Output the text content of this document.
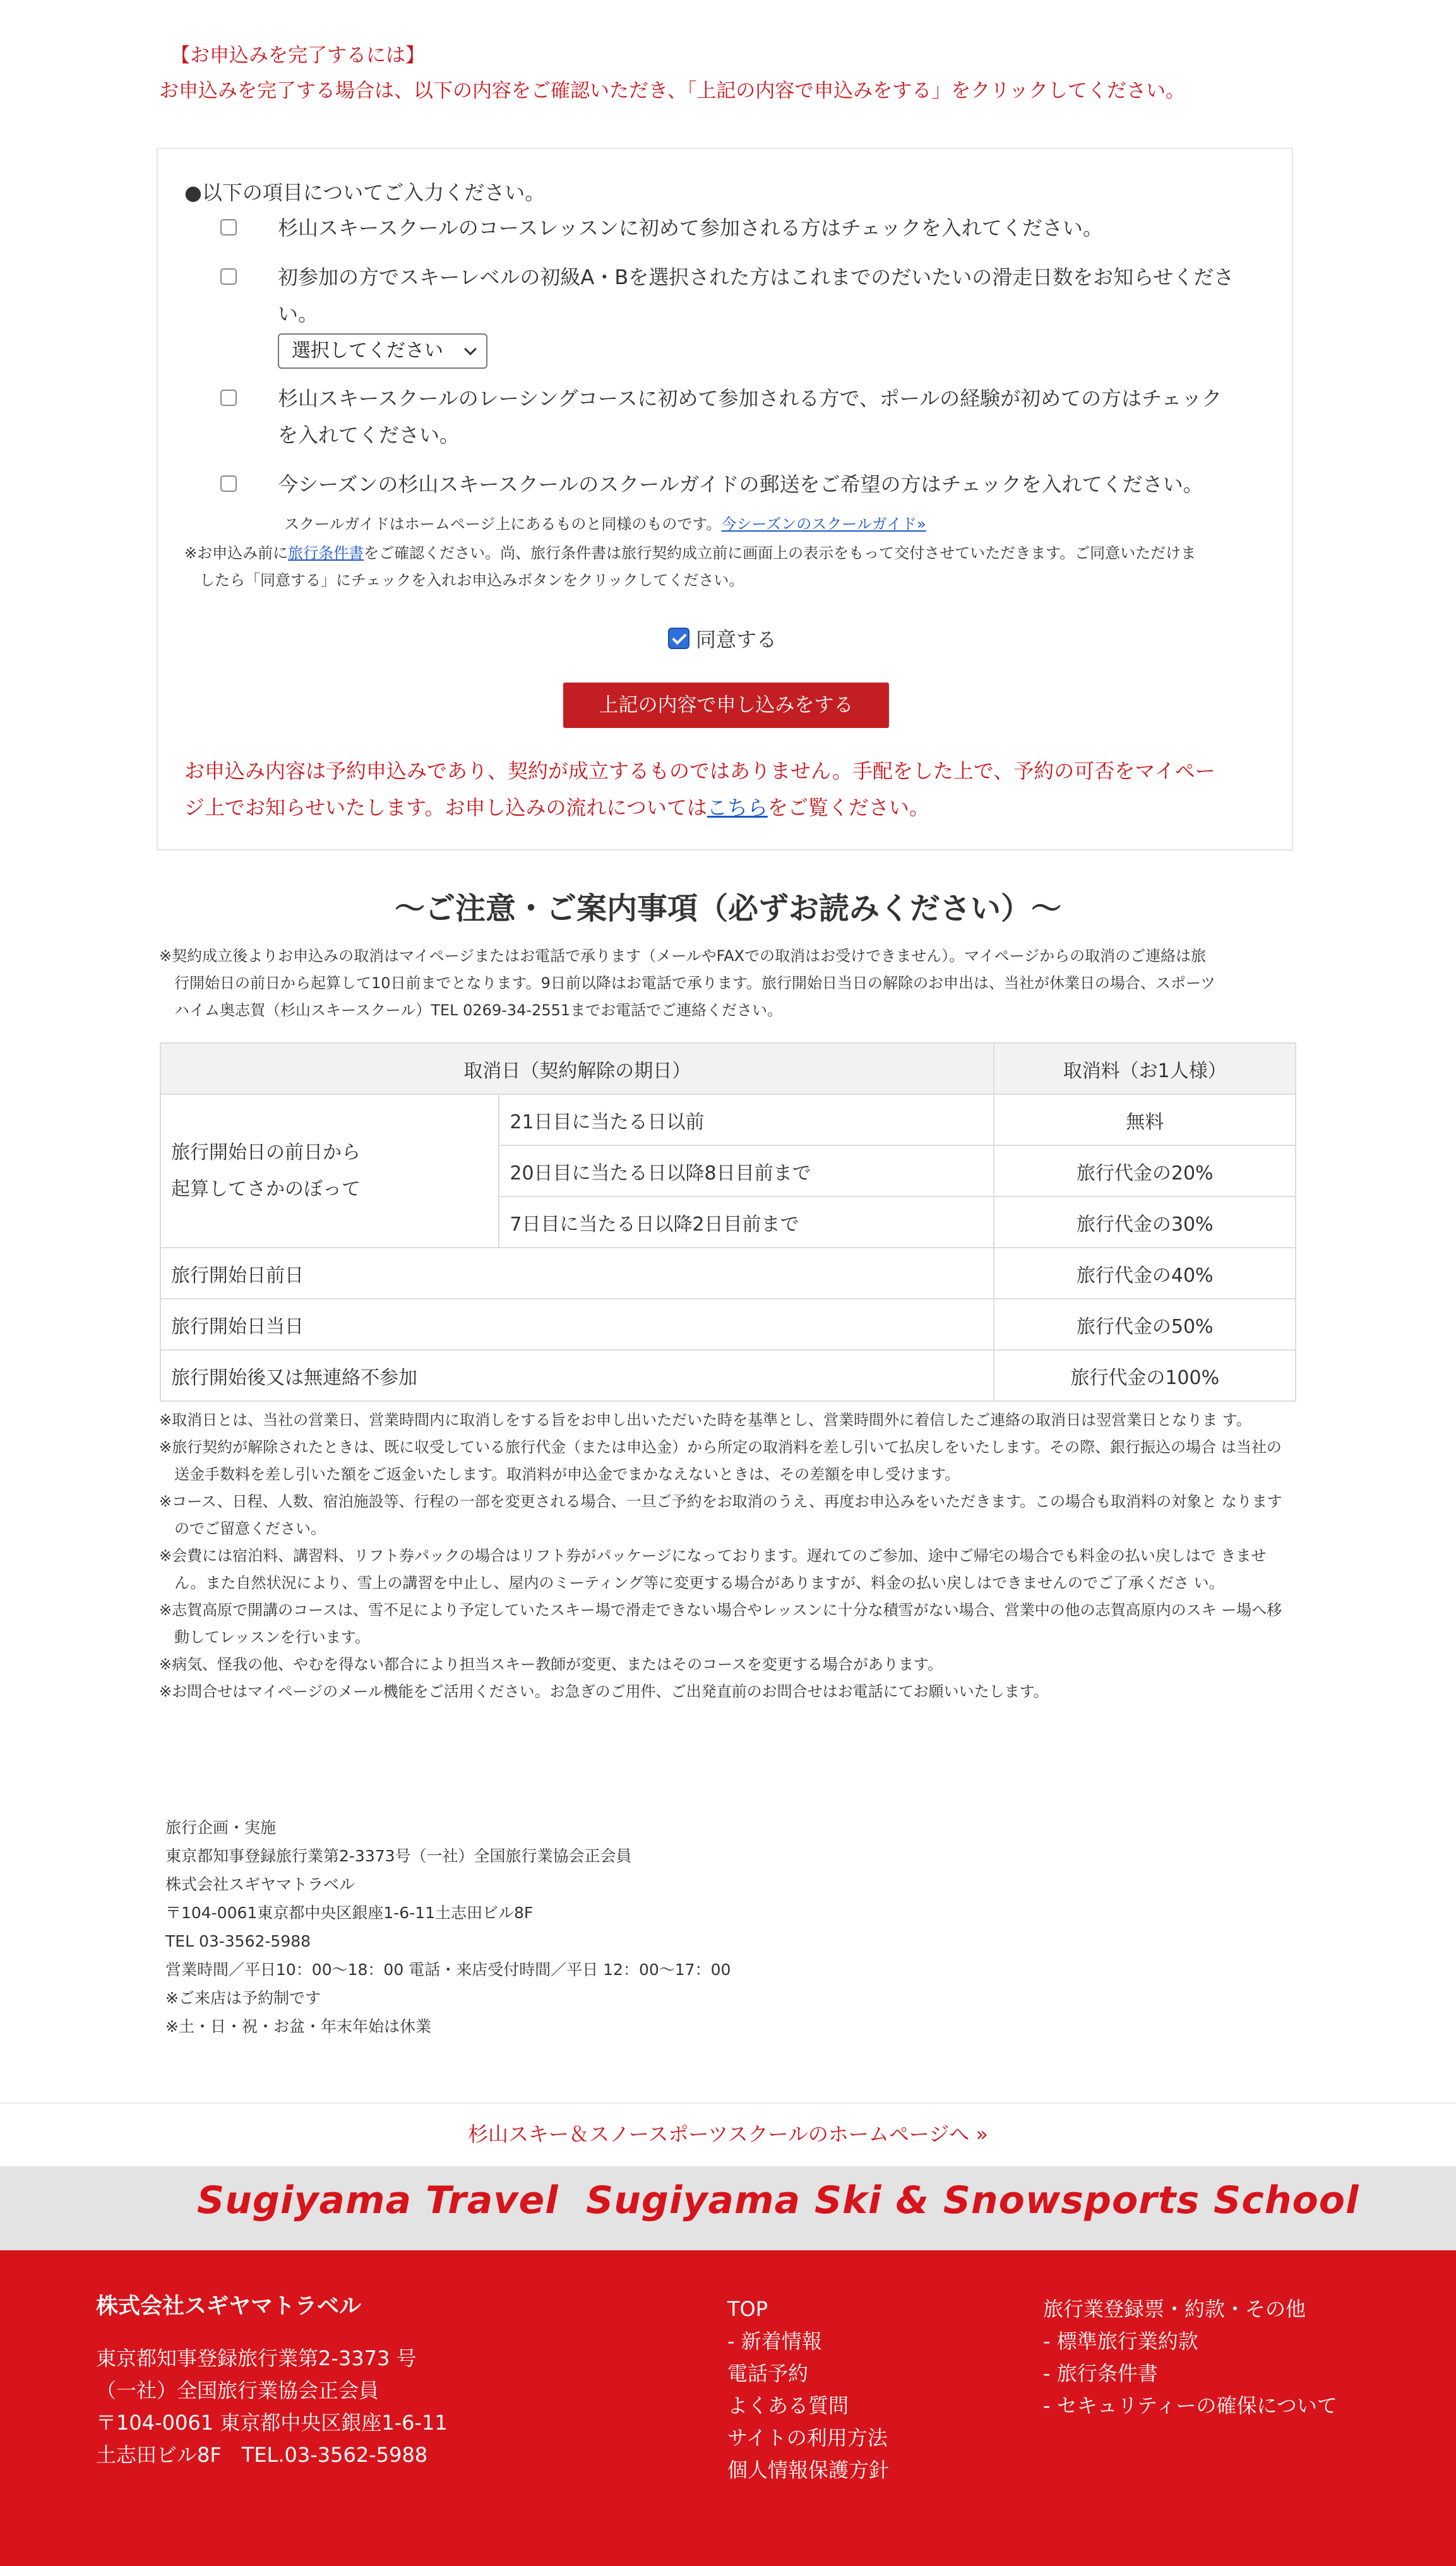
【お申込みを完了するには】
お申込みを完了する場合は、以下の内容をご確認いただき、「上記の内容で申込みをする」をクリックしてください。
●以下の項目についてご入力ください。
杉山スキースクールのコースレッスンに初めて参加される方はチェックを入れてください。
初参加の方でスキーレベルの初級A・Bを選択された方はこれまでのだいたいの滑走日数をお知らせくださ
い。
選択してください
杉山スキースクールのレーシングコースに初めて参加される方で、ポールの経験が初めての方はチェック
を入れてください。
今シーズンの杉山スキースクールのスクールガイドの郵送をご希望の方はチェックを入れてください。
スクールガイドはホームページ上にあるものと同様のものです。今シーズンのスクールガイド»
※お申込み前に旅行条件書をご確認ください。尚、旅行条件書は旅行契約成立前に画面上の表示をもって交付させていただきます。ご同意いただけま
したら「同意する」にチェックを入れお申込みボタンをクリックしてください。
同意する
上記の内容で申し込みをする
お申込み内容は予約申込みであり、契約が成立するものではありません。手配をした上で、予約の可否をマイペー
ジ上でお知らせいたします。お申し込みの流れについてはこちらをご覧ください。
〜ご注意・ご案内事項（必ずお読みください）〜
※契約成立後よりお申込みの取消はマイページまたはお電話で承ります（メールやFAXでの取消はお受けできません）。マイページからの取消のご連絡は旅
行開始日の前日から起算して10日前までとなります。9日前以降はお電話で承ります。旅行開始日当日の解除のお申出は、当社が休業日の場合、スポーツ
ハイム奥志賀（杉山スキースクール）TEL 0269-34-2551までお電話でご連絡ください。
取消日（契約解除の期日）		取消料（お1人様）

旅行開始日の前日から
起算してさかのぼって	21日目に当たる日以前	無料
	20日目に当たる日以降8日目前まで	旅行代金の20%
	7日目に当たる日以降2日目前まで	旅行代金の30%
旅行開始日前日		旅行代金の40%
旅行開始日当日		旅行代金の50%
旅行開始後又は無連絡不参加		旅行代金の100%
※取消日とは、当社の営業日、営業時間内に取消しをする旨をお申し出いただいた時を基準とし、営業時間外に着信したご連絡の取消日は翌営業日となりま す。
※旅行契約が解除されたときは、既に収受している旅行代金（または申込金）から所定の取消料を差し引いて払戻しをいたします。その際、銀行振込の場合 は当社の送金手数料を差し引いた額をご返金いたします。取消料が申込金でまかなえないときは、その差額を申し受けます。
※コース、日程、人数、宿泊施設等、行程の一部を変更される場合、一旦ご予約をお取消のうえ、再度お申込みをいただきます。この場合も取消料の対象と なりますのでご留意ください。
※会費には宿泊料、講習料、リフト券パックの場合はリフト券がパッケージになっております。遅れてのご参加、途中ご帰宅の場合でも料金の払い戻しはで きません。また自然状況により、雪上の講習を中止し、屋内のミーティング等に変更する場合がありますが、料金の払い戻しはできませんのでご了承くださ い。
※志賀高原で開講のコースは、雪不足により予定していたスキー場で滑走できない場合やレッスンに十分な積雪がない場合、営業中の他の志賀高原内のスキ ー場へ移動してレッスンを行います。
※病気、怪我の他、やむを得ない都合により担当スキー教師が変更、またはそのコースを変更する場合があります。
※お問合せはマイページのメール機能をご活用ください。お急ぎのご用件、ご出発直前のお問合せはお電話にてお願いいたします。
旅行企画・実施
東京都知事登録旅行業第2-3373号（一社）全国旅行業協会正会員
株式会社スギヤマトラベル
〒104-0061東京都中央区銀座1-6-11土志田ビル8F
TEL 03-3562-5988
営業時間／平日10：00〜18：00 電話・来店受付時間／平日 12：00〜17：00
※ご来店は予約制です
※土・日・祝・お盆・年末年始は休業
杉山スキー＆スノースポーツスクールのホームページへ »
Sugiyama Travel Sugiyama Ski & Snowsports School
株式会社スギヤマトラベル
東京都知事登録旅行業第2-3373 号
（一社）全国旅行業協会正会員
〒104-0061 東京都中央区銀座1-6-11
土志田ビル8F　TEL.03-3562-5988
TOP
- 新着情報
電話予約
よくある質問
サイトの利用方法
個人情報保護方針
旅行業登録票・約款・その他
- 標準旅行業約款
- 旅行条件書
- セキュリティーの確保について
